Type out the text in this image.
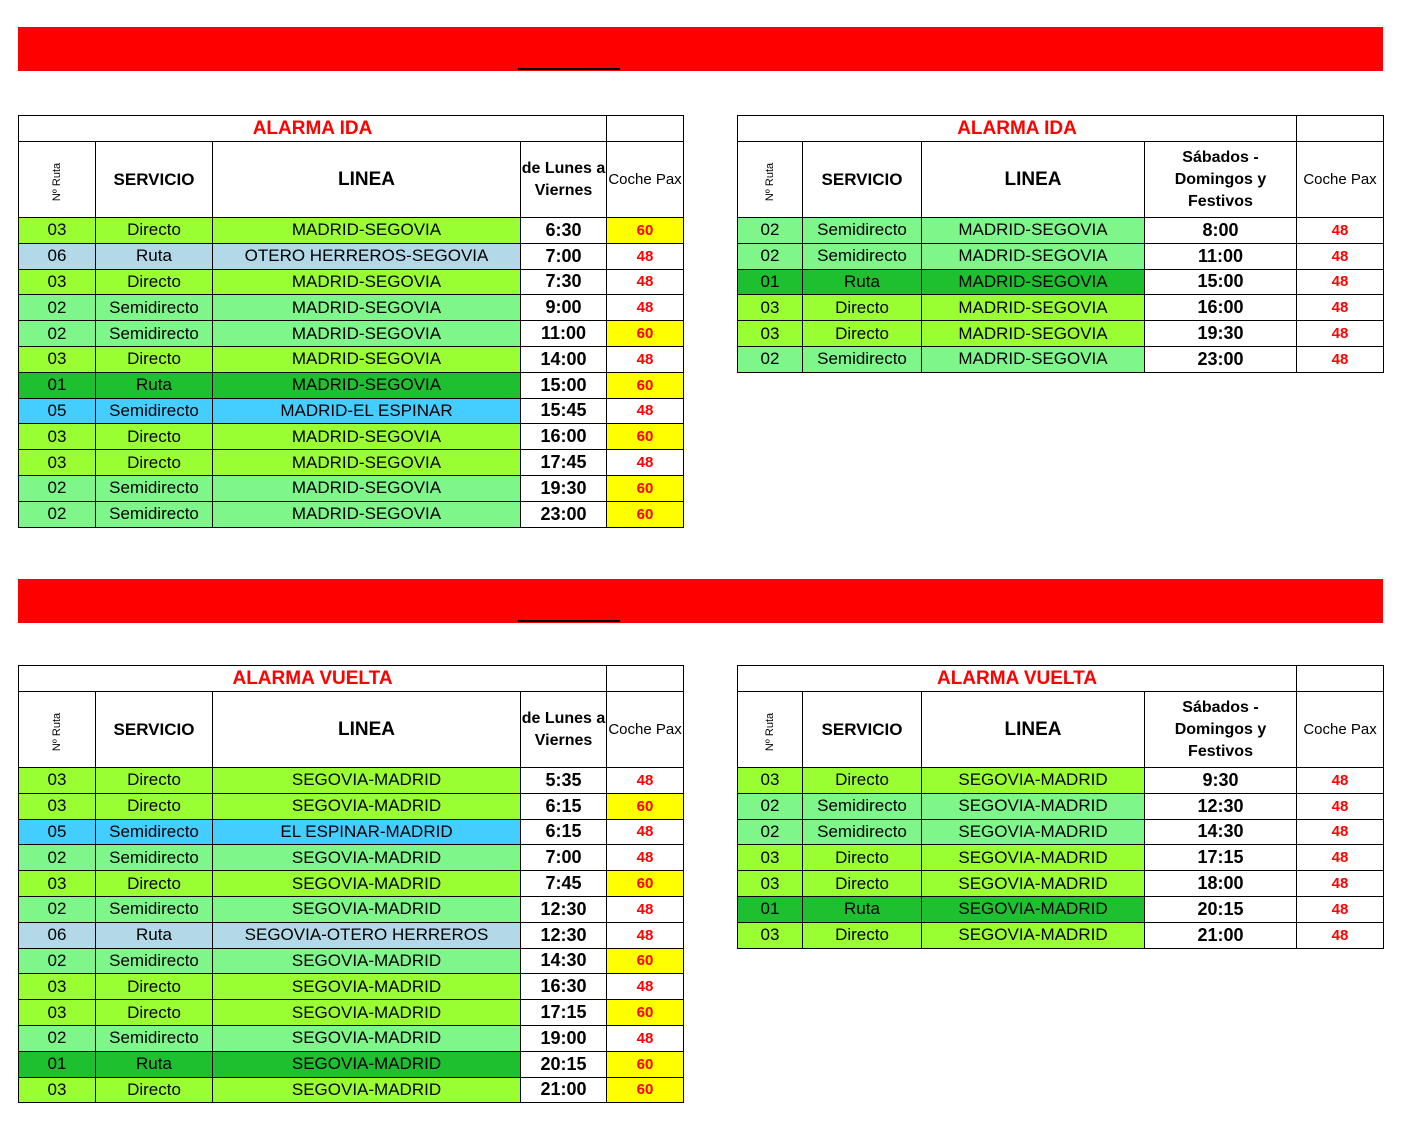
SERVICIOS ESTADO ALARMA  - SENTIDO MADRID - SEGOVIA (A PARTIR DEL ) 25/05

ALARMA IDA				
Nº Ruta	SERVICIO	LINEA	de Lunes a Viernes	Coche Pax
03	Directo	MADRID-SEGOVIA	6:30	60
06	Ruta	OTERO HERREROS-SEGOVIA	7:00	48
03	Directo	MADRID-SEGOVIA	7:30	48
02	Semidirecto	MADRID-SEGOVIA	9:00	48
02	Semidirecto	MADRID-SEGOVIA	11:00	60
03	Directo	MADRID-SEGOVIA	14:00	48
01	Ruta	MADRID-SEGOVIA	15:00	60
05	Semidirecto	MADRID-EL ESPINAR	15:45	48
03	Directo	MADRID-SEGOVIA	16:00	60
03	Directo	MADRID-SEGOVIA	17:45	48
02	Semidirecto	MADRID-SEGOVIA	19:30	60
02	Semidirecto	MADRID-SEGOVIA	23:00	60
ALARMA IDA				
Nº Ruta	SERVICIO	LINEA	Sábados - Domingos y Festivos	Coche Pax
02	Semidirecto	MADRID-SEGOVIA	8:00	48
02	Semidirecto	MADRID-SEGOVIA	11:00	48
01	Ruta	MADRID-SEGOVIA	15:00	48
03	Directo	MADRID-SEGOVIA	16:00	48
03	Directo	MADRID-SEGOVIA	19:30	48
02	Semidirecto	MADRID-SEGOVIA	23:00	48

SERVICIOS ESTADO ALARMA  - SENTIDO SEGOVIA - MADRID  (A PARTIR DEL) 25/05

ALARMA VUELTA				
Nº Ruta	SERVICIO	LINEA	de Lunes a Viernes	Coche Pax
03	Directo	SEGOVIA-MADRID	5:35	48
03	Directo	SEGOVIA-MADRID	6:15	60
05	Semidirecto	EL ESPINAR-MADRID	6:15	48
02	Semidirecto	SEGOVIA-MADRID	7:00	48
03	Directo	SEGOVIA-MADRID	7:45	60
02	Semidirecto	SEGOVIA-MADRID	12:30	48
06	Ruta	SEGOVIA-OTERO HERREROS	12:30	48
02	Semidirecto	SEGOVIA-MADRID	14:30	60
03	Directo	SEGOVIA-MADRID	16:30	48
03	Directo	SEGOVIA-MADRID	17:15	60
02	Semidirecto	SEGOVIA-MADRID	19:00	48
01	Ruta	SEGOVIA-MADRID	20:15	60
03	Directo	SEGOVIA-MADRID	21:00	60
ALARMA VUELTA				
Nº Ruta	SERVICIO	LINEA	Sábados - Domingos y Festivos	Coche Pax
03	Directo	SEGOVIA-MADRID	9:30	48
02	Semidirecto	SEGOVIA-MADRID	12:30	48
02	Semidirecto	SEGOVIA-MADRID	14:30	48
03	Directo	SEGOVIA-MADRID	17:15	48
03	Directo	SEGOVIA-MADRID	18:00	48
01	Ruta	SEGOVIA-MADRID	20:15	48
03	Directo	SEGOVIA-MADRID	21:00	48
